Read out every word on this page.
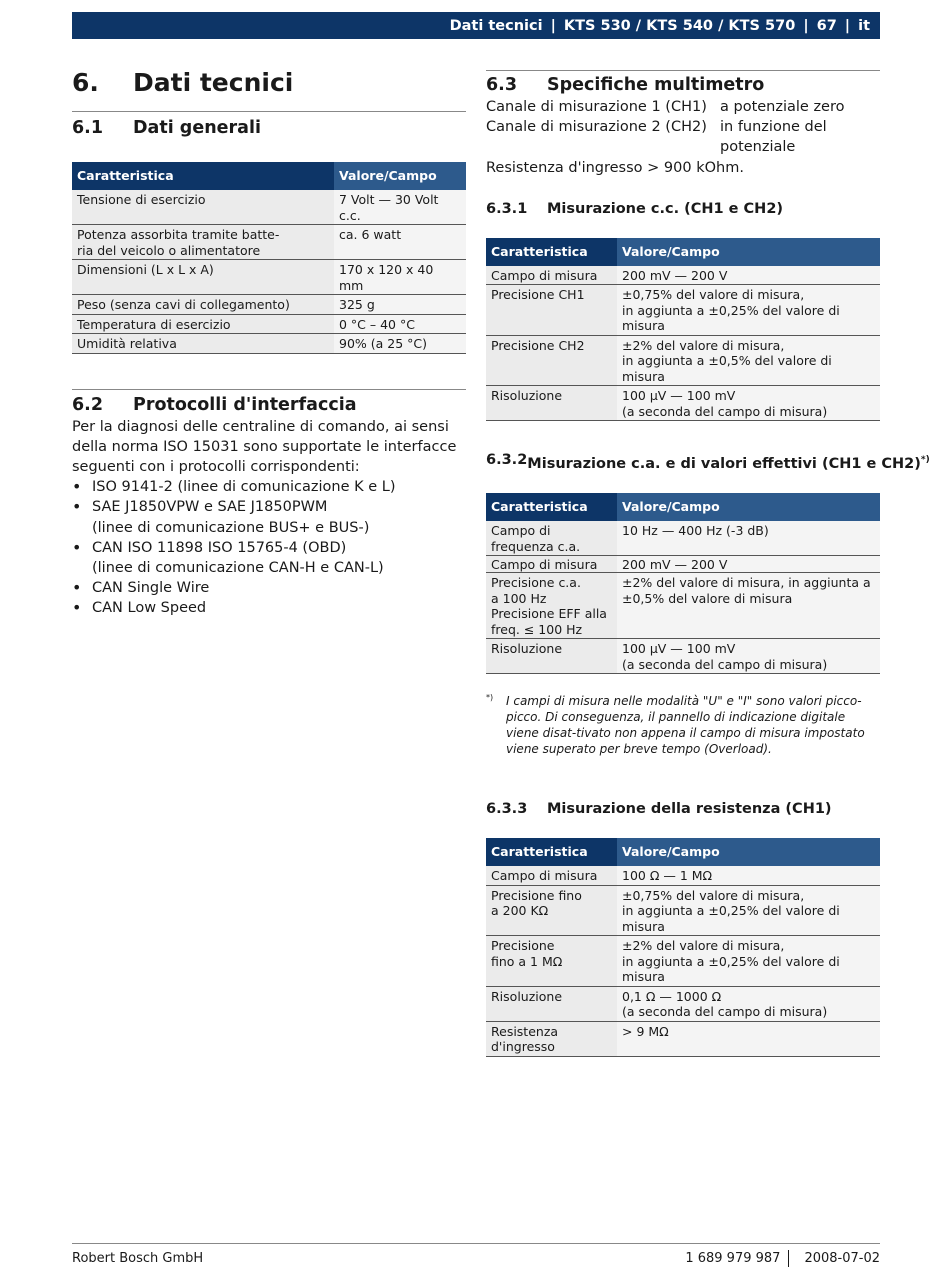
Dati tecnici | KTS 530 / KTS 540 / KTS 570 | 67 | it
6.	Dati tecnici
6.1	Dati generali
Caratteristica	Valore/Campo
Tensione di esercizio	7 Volt — 30 Volt c.c.
Potenza assorbita tramite batte-
ria del veicolo o alimentatore	ca. 6 watt
Dimensioni (L x L x A)	170 x 120 x 40 mm
Peso (senza cavi di collegamento)	325 g
Temperatura di esercizio	0 °C – 40 °C
Umidità relativa	90% (a 25 °C)
6.2	Protocolli d'interfaccia

Per la diagnosi delle centraline di comando, ai sensi della norma ISO 15031 sono supportate le interfacce seguenti con i protocolli corrispondenti:

• ISO 9141-2 (linee di comunicazione K e L)
• SAE J1850VPW e SAE J1850PWM
(linee di comunicazione BUS+ e BUS-)
• CAN ISO 11898 ISO 15765-4 (OBD)
(linee di comunicazione CAN-H e CAN-L)
• CAN Single Wire
• CAN Low Speed
6.3	Specifiche multimetro
Canale di misurazione 1 (CH1) a potenziale zero
Canale di misurazione 2 (CH2) in funzione del
potenziale

Resistenza d'ingresso > 900 kOhm.

6.3.1	Misurazione c.c. (CH1 e CH2)
Caratteristica	Valore/Campo
Campo di misura	200 mV — 200 V
Precisione CH1	±0,75% del valore di misura,
in aggiunta a ±0,25% del valore di misura
Precisione CH2	±2% del valore di misura,
in aggiunta a ±0,5% del valore di misura
Risoluzione	100 µV — 100 mV
(a seconda del campo di misura)
6.3.2 Misurazione c.a. e di valori effettivi (CH1 e CH2)*)
Caratteristica	Valore/Campo
Campo di
frequenza c.a.	10 Hz — 400 Hz (-3 dB)
Campo di misura	200 mV — 200 V
Precisione c.a.
a 100 Hz
Precisione EFF alla
freq. ≤ 100 Hz	±2% del valore di misura, in aggiunta a
±0,5% del valore di misura
Risoluzione	100 µV — 100 mV
(a seconda del campo di misura)
*)	I campi di misura nelle modalità "U" e "I" sono valori picco-picco. Di conseguenza, il pannello di indicazione digitale viene disat-tivato non appena il campo di misura impostato viene superato per breve tempo (Overload).
6.3.3	Misurazione della resistenza (CH1)
Caratteristica	Valore/Campo
Campo di misura	100 Ω — 1 MΩ
Precisione fino
a 200 KΩ	±0,75% del valore di misura,
in aggiunta a ±0,25% del valore di misura
Precisione
fino a 1 MΩ	±2% del valore di misura,
in aggiunta a ±0,25% del valore di misura
Risoluzione	0,1 Ω — 1000 Ω
(a seconda del campo di misura)
Resistenza
d'ingresso	> 9 MΩ
Robert Bosch GmbH	1 689 979 987	2008-07-02
